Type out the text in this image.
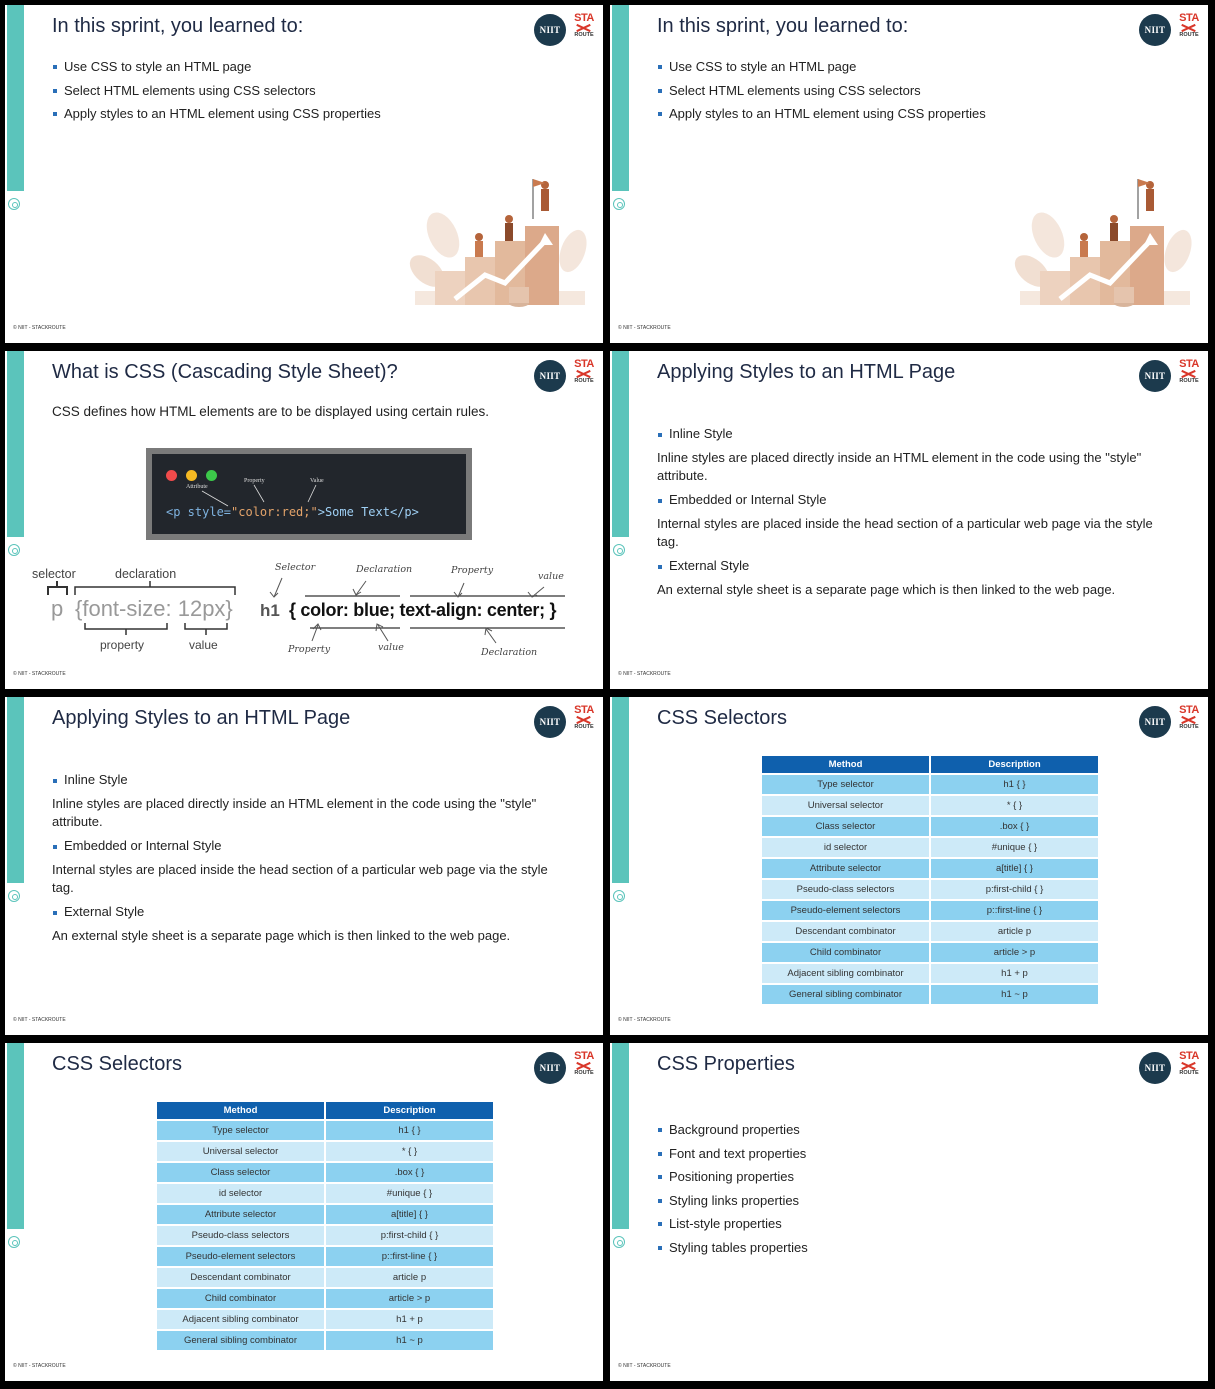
In this sprint, you learned to:	NIIT
STA
ROUTE
Use CSS to style an HTML page
Select HTML elements using CSS selectors
Apply styles to an HTML element using CSS properties
© NIIT - STACKROUTE
In this sprint, you learned to:	NIIT
STA
ROUTE
Use CSS to style an HTML page
Select HTML elements using CSS selectors
Apply styles to an HTML element using CSS properties
© NIIT - STACKROUTE
What is CSS (Cascading Style Sheet)?	NIIT
STA
ROUTE
CSS defines how HTML elements are to be displayed using certain rules.
Attribute
Property	Value
<p style="color:red;">Some Text</p>
selector	declaration
p {font-size: 12px}
property	value
Selector	Declaration	Property
value
h1 { color: blue; text-align: center; }
Property	value	Declaration
© NIIT - STACKROUTE
Applying Styles to an HTML Page	NIIT
STA
ROUTE
Inline Style
Inline styles are placed directly inside an HTML element in the code using the "style" attribute.
Embedded or Internal Style
Internal styles are placed inside the head section of a particular web page via the style tag.
External Style
An external style sheet is a separate page which is then linked to the web page.
© NIIT - STACKROUTE
Applying Styles to an HTML Page	NIIT
STA
ROUTE
Inline Style
Inline styles are placed directly inside an HTML element in the code using the "style" attribute.
Embedded or Internal Style
Internal styles are placed inside the head section of a particular web page via the style tag.
External Style
An external style sheet is a separate page which is then linked to the web page.
© NIIT - STACKROUTE
CSS Selectors	NIIT
STA
ROUTE
Method	Description
Type selector	h1 { }
Universal selector	* { }
Class selector	.box { }
id selector	#unique { }
Attribute selector	a[title] { }
Pseudo-class selectors	p:first-child { }
Pseudo-element selectors	p::first-line { }
Descendant combinator	article p
Child combinator	article > p
Adjacent sibling combinator	h1 + p
General sibling combinator	h1 ~ p
© NIIT - STACKROUTE
CSS Selectors	NIIT
STA
ROUTE
Method	Description
Type selector	h1 { }
Universal selector	* { }
Class selector	.box { }
id selector	#unique { }
Attribute selector	a[title] { }
Pseudo-class selectors	p:first-child { }
Pseudo-element selectors	p::first-line { }
Descendant combinator	article p
Child combinator	article > p
Adjacent sibling combinator	h1 + p
General sibling combinator	h1 ~ p
© NIIT - STACKROUTE
CSS Properties	NIIT
STA
ROUTE
Background properties
Font and text properties
Positioning properties
Styling links properties
List-style properties
Styling tables properties
© NIIT - STACKROUTE
